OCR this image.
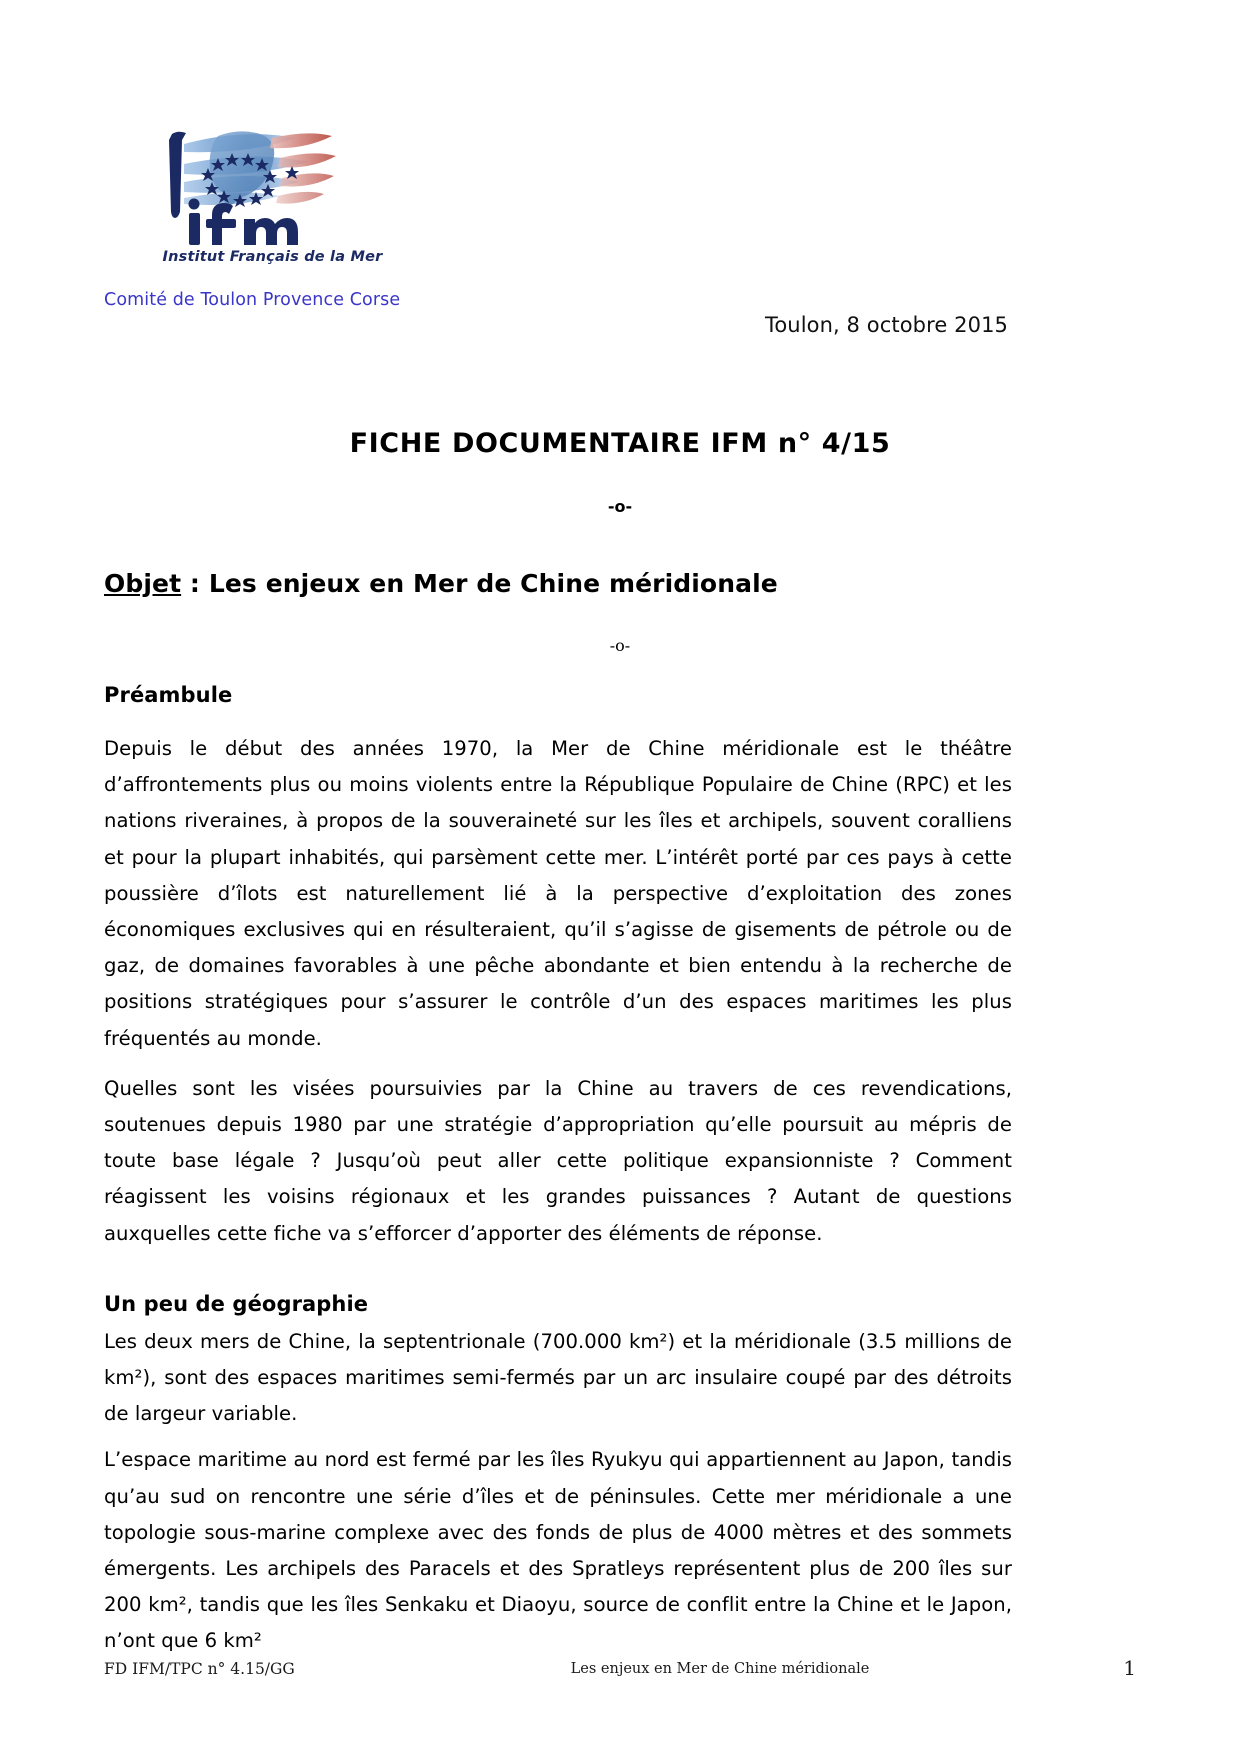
Institut Français de la Mer
Comité de Toulon Provence Corse
Toulon, 8 octobre 2015
FICHE DOCUMENTAIRE IFM n° 4/15
-o-
Objet : Les enjeux en Mer de Chine méridionale
-o-
Préambule

Depuis le début des années 1970, la Mer de Chine méridionale est le théâtre d’affrontements plus ou moins violents entre la République Populaire de Chine (RPC) et les nations riveraines, à propos de la souveraineté sur les îles et archipels, souvent coralliens et pour la plupart inhabités, qui parsèment cette mer. L’intérêt porté par ces pays à cette poussière d’îlots est naturellement lié à la perspective d’exploitation des zones économiques exclusives qui en résulteraient, qu’il s’agisse de gisements de pétrole ou de gaz, de domaines favorables à une pêche abondante et bien entendu à la recherche de positions stratégiques pour s’assurer le contrôle d’un des espaces maritimes les plus fréquentés au monde.

Quelles sont les visées poursuivies par la Chine au travers de ces revendications, soutenues depuis 1980 par une stratégie d’appropriation qu’elle poursuit au mépris de toute base légale ? Jusqu’où peut aller cette politique expansionniste ? Comment réagissent les voisins régionaux et les grandes puissances ? Autant de questions auxquelles cette fiche va s’efforcer d’apporter des éléments de réponse.

Un peu de géographie

Les deux mers de Chine, la septentrionale (700.000 km²) et la méridionale (3.5 millions de km²), sont des espaces maritimes semi-fermés par un arc insulaire coupé par des détroits de largeur variable.

L’espace maritime au nord est fermé par les îles Ryukyu qui appartiennent au Japon, tandis qu’au sud on rencontre une série d’îles et de péninsules. Cette mer méridionale a une topologie sous-marine complexe avec des fonds de plus de 4000 mètres et des sommets émergents. Les archipels des Paracels et des Spratleys représentent plus de 200 îles sur 200 km², tandis que les îles Senkaku et Diaoyu, source de conflit entre la Chine et le Japon, n’ont que 6 km²

FD IFM/TPC n° 4.15/GG	Les enjeux en Mer de Chine méridionale	1
